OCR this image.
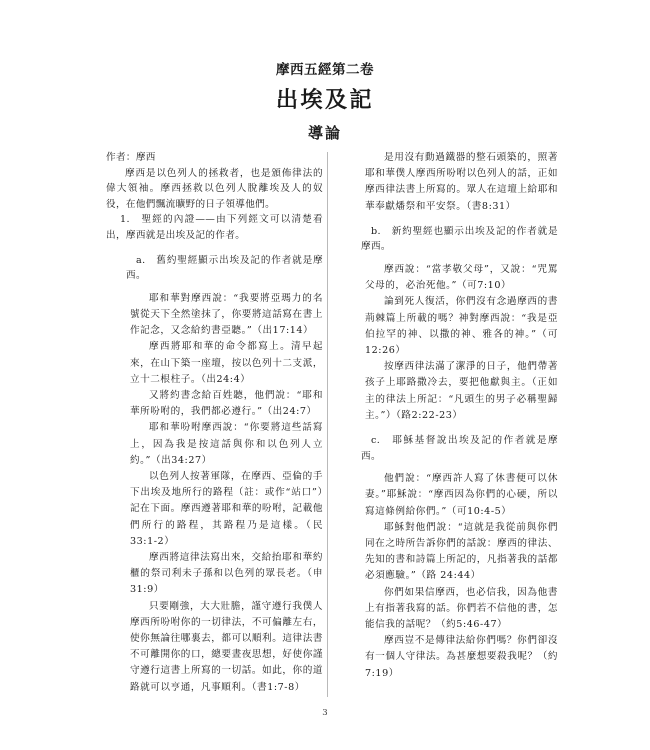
摩西五經第二卷
出埃及記
導論

作者：摩西

摩西是以色列人的拯救者，也是頒佈律法的偉大領袖。摩西拯救以色列人脫離埃及人的奴役，在他們飄流曠野的日子領導他們。

1.　聖經的內證——由下列經文可以清楚看出，摩西就是出埃及記的作者。

a.　舊約聖經顯示出埃及記的作者就是摩西。

耶和華對摩西說：“我要將亞瑪力的名號從天下全然塗抹了，你要將這話寫在書上作記念，又念給約書亞聽。”（出17:14）

摩西將耶和華的命令都寫上。清早起來，在山下築一座壇，按以色列十二支派，立十二根柱子。（出24:4）

又將約書念給百姓聽，他們說：“耶和華所吩咐的，我們都必遵行。”（出24:7）

耶和華吩咐摩西說：“你要將這些話寫上，因為我是按這話與你和以色列人立約。”（出34:27）

以色列人按著軍隊，在摩西、亞倫的手下出埃及地所行的路程（註：或作“站口”）記在下面。摩西遵著耶和華的吩咐，記載他們所行的路程，其路程乃是這樣。（民33:1-2）

摩西將這律法寫出來，交給抬耶和華約櫃的祭司利未子孫和以色列的眾長老。（申31:9）

只要剛強，大大壯膽，謹守遵行我僕人摩西所吩咐你的一切律法，不可偏離左右，使你無論往哪裏去，都可以順利。這律法書不可離開你的口，總要晝夜思想，好使你謹守遵行這書上所寫的一切話。如此，你的道路就可以亨通，凡事順利。（書1:7-8）

是用沒有動過鐵器的整石頭築的，照著耶和華僕人摩西所吩咐以色列人的話，正如摩西律法書上所寫的。眾人在這壇上給耶和華奉獻燔祭和平安祭。（書8:31）

b.　新約聖經也顯示出埃及記的作者就是摩西。

摩西說：“當孝敬父母”，又說：“咒罵父母的，必治死他。”（可7:10）

論到死人復活，你們沒有念過摩西的書荊棘篇上所載的嗎？神對摩西說：“我是亞伯拉罕的神、以撒的神、雅各的神。”（可12:26）

按摩西律法滿了潔淨的日子，他們帶著孩子上耶路撒冷去，要把他獻與主。（正如主的律法上所記：“凡頭生的男子必稱聖歸主。”）（路2:22-23）

c.　耶穌基督說出埃及記的作者就是摩西。

他們說：“摩西許人寫了休書便可以休妻。”耶穌說：“摩西因為你們的心硬，所以寫這條例給你們。”（可10:4-5）

耶穌對他們說：“這就是我從前與你們同在之時所告訴你們的話說：摩西的律法、先知的書和詩篇上所記的，凡指著我的話都必須應驗。”（路 24:44）

你們如果信摩西，也必信我，因為他書上有指著我寫的話。你們若不信他的書，怎能信我的話呢？（約5:46-47）

摩西豈不是傳律法給你們嗎？你們卻沒有一個人守律法。為甚麼想要殺我呢？（約7:19）

3
